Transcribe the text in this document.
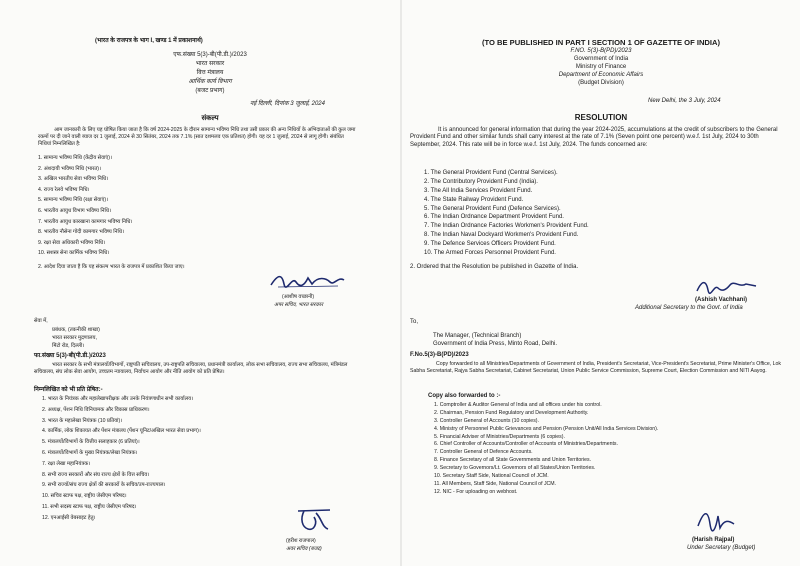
(भारत के राजपत्र के भाग I, खण्ड 1 में प्रकाशनार्थ)
एफ.संख्या 5(3)-बी(पी.डी.)/2023
भारत सरकार
वित्त मंत्रालय
आर्थिक कार्य विभाग
(बजट प्रभाग)
नई दिल्ली, दिनांक 3 जुलाई, 2024
संकल्प
आम जानकारी के लिए यह घोषित किया जाता है कि वर्ष 2024-2025 के दौरान सामान्य भविष्य निधि तथा उसी प्रकार की अन्य निधियों के अभिदाताओं की कुल जमा रकमों पर दी जाने वाली ब्याज दर 1 जुलाई, 2024 से 30 सितंबर, 2024 तक 7.1% (सात दशमलव एक प्रतिशत) होगी। यह दर 1 जुलाई, 2024 से लागू होगी। संबंधित निधियां निम्नलिखित है:
1. सामान्य भविष्य निधि (केंद्रीय सेवाएं)।
2. अंशदायी भविष्य निधि (भारत)।
3. अखिल भारतीय सेवा भविष्य निधि।
4. राज्य रेलवे भविष्य निधि।
5. सामान्य भविष्य निधि (रक्षा सेवाएं)।
6. भारतीय आयुध विभाग भविष्य निधि।
7. भारतीय आयुध कारखाना कामगार भविष्य निधि।
8. भारतीय नौसेना गोदी कामगार भविष्य निधि।
9. रक्षा सेवा अधिकारी भविष्य निधि।
10. सशस्त्र सेना कार्मिक भविष्य निधि।
2. आदेश दिया जाता है कि यह संकल्प भारत के राजपत्र में प्रकाशित किया जाए।
(आशीष वच्छानी)
अपर सचिव, भारत सरकार
सेवा में,
प्रबंधक, (तकनीकी शाखा)
भारत सरकार मुद्रणालय,
मिंटो रोड, दिल्ली।
फा.संख्या 5(3)-बी(पी.डी.)/2023
भारत सरकार के सभी मंत्रालयों/विभागों, राष्ट्रपति सचिवालय, उप-राष्ट्रपति सचिवालय, प्रधानमंत्री कार्यालय, लोक सभा सचिवालय, राज्य सभा सचिवालय, मंत्रिमंडल सचिवालय, संघ लोक सेवा आयोग, उच्चतम न्यायालय, निर्वाचन आयोग और नीति आयोग को प्रति प्रेषित।
निम्नलिखित को भी प्रति प्रेषित:-
1. भारत के नियंत्रक और महालेखापरीक्षक और उनके नियंत्रणाधीन सभी कार्यालय।
2. अध्यक्ष, पेंशन निधि विनियामक और विकास प्राधिकरण।
3. भारत के महालेखा नियंत्रक (10 प्रतियां)।
4. कार्मिक, लोक शिकायत और पेंशन मंत्रालय (पेंशन यूनिट/अखिल भारत सेवा प्रभाग)।
5. मंत्रालयों/विभागों के वित्तीय सलाहकार (6 प्रतियां)।
6. मंत्रालयों/विभागों के मुख्य नियंत्रक/लेखा नियंत्रक।
7. रक्षा लेखा महानियंत्रक।
8. सभी राज्य सरकारों और संघ राज्य क्षेत्रों के वित्त सचिव।
9. सभी राज्यों/संघ राज्य क्षेत्रों की सरकारों के सचिव/उप-राज्यपाल।
10. सचिव स्टाफ पक्ष, राष्ट्रीय जेसीएम परिषद।
11. सभी सदस्य स्टाफ पक्ष, राष्ट्रीय जेसीएम परिषद।
12. एनआईसी वेबसाइट हेतु।
(हरीश राजपाल)
अवर सचिव (बजट)
(TO BE PUBLISHED IN PART I SECTION 1 OF GAZETTE OF INDIA)
F.NO. 5(3)-B(PD)/2023
Government of India
Ministry of Finance
Department of Economic Affairs
(Budget Division)
New Delhi, the 3 July, 2024
RESOLUTION
It is announced for general information that during the year 2024-2025, accumulations at the credit of subscribers to the General Provident Fund and other similar funds shall carry interest at the rate of 7.1% (Seven point one percent) w.e.f. 1st July, 2024 to 30th September, 2024. This rate will be in force w.e.f. 1st July, 2024. The funds concerned are:
1. The General Provident Fund (Central Services).
2. The Contributory Provident Fund (India).
3. The All India Services Provident Fund.
4. The State Railway Provident Fund.
5. The General Provident Fund (Defence Services).
6. The Indian Ordnance Department Provident Fund.
7. The Indian Ordnance Factories Workmen's Provident Fund.
8. The Indian Naval Dockyard Workmen's Provident Fund.
9. The Defence Services Officers Provident Fund.
10. The Armed Forces Personnel Provident Fund.
2. Ordered that the Resolution be published in Gazette of India.
(Ashish Vachhani)
Additional Secretary to the Govt. of India
To,
The Manager, (Technical Branch)
Government of India Press, Minto Road, Delhi.
F.No.5(3)-B(PD)/2023
Copy forwarded to all Ministries/Departments of Government of India, President's Secretariat, Vice-President's Secretariat, Prime Minister's Office, Lok Sabha Secretariat, Rajya Sabha Secretariat, Cabinet Secretariat, Union Public Service Commission, Supreme Court, Election Commission and NITI Aayog.
Copy also forwarded to :-
1. Comptroller & Auditor General of India and all offices under his control.
2. Chairman, Pension Fund Regulatory and Development Authority.
3. Controller General of Accounts (10 copies).
4. Ministry of Personnel Public Grievances and Pension (Pension Unit/All India Services Division).
5. Financial Adviser of Ministries/Departments (6 copies).
6. Chief Controller of Accounts/Controller of Accounts of Ministries/Departments.
7. Controller General of Defence Accounts.
8. Finance Secretary of all State Governments and Union Territories.
9. Secretary to Governors/Lt. Governors of all States/Union Territories.
10. Secretary Staff Side, National Council of JCM.
11. All Members, Staff Side, National Council of JCM.
12. NIC - For uploading on webhost.
(Harish Rajpal)
Under Secretary (Budget)
